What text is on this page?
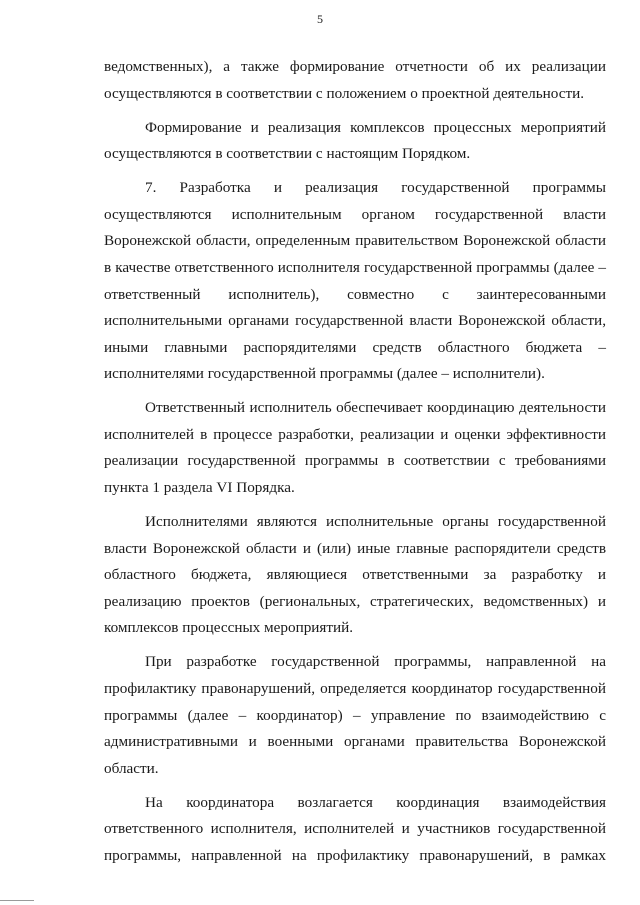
5

ведомственных), а также формирование отчетности об их реализации осуществляются в соответствии с положением о проектной деятельности.

Формирование и реализация комплексов процессных мероприятий осуществляются в соответствии с настоящим Порядком.

7. Разработка и реализация государственной программы осуществляются исполнительным органом государственной власти Воронежской области, определенным правительством Воронежской области в качестве ответственного исполнителя государственной программы (далее – ответственный исполнитель), совместно с заинтересованными исполнительными органами государственной власти Воронежской области, иными главными распорядителями средств областного бюджета – исполнителями государственной программы (далее – исполнители).

Ответственный исполнитель обеспечивает координацию деятельности исполнителей в процессе разработки, реализации и оценки эффективности реализации государственной программы в соответствии с требованиями пункта 1 раздела VI Порядка.

Исполнителями являются исполнительные органы государственной власти Воронежской области и (или) иные главные распорядители средств областного бюджета, являющиеся ответственными за разработку и реализацию проектов (региональных, стратегических, ведомственных) и комплексов процессных мероприятий.

При разработке государственной программы, направленной на профилактику правонарушений, определяется координатор государственной программы (далее – координатор) – управление по взаимодействию с административными и военными органами правительства Воронежской области.

На координатора возлагается координация взаимодействия ответственного исполнителя, исполнителей и участников государственной программы, направленной на профилактику правонарушений, в рамках
